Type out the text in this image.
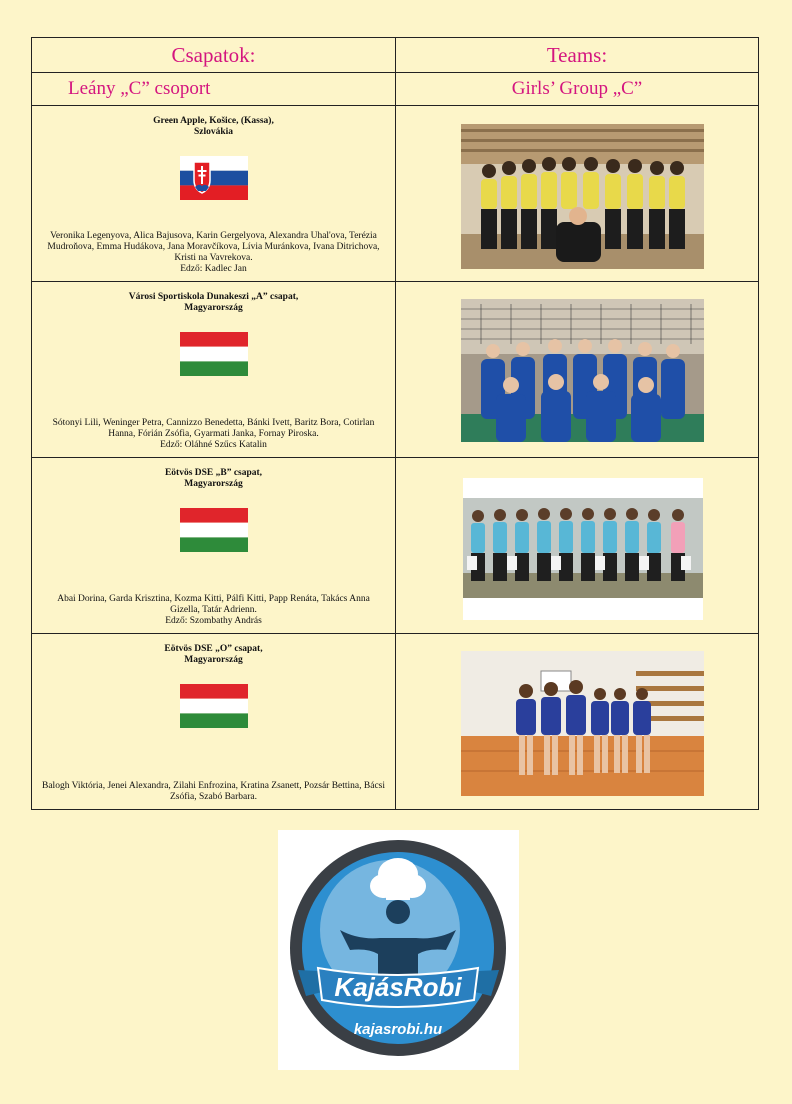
Csapatok:	Teams:

Leány „C” csoport	Girls’ Group „C”

Green Apple, Košice, (Kassa),
Szlovákia
Veronika Legenyova, Alica Bajusova, Karin Gergelyova, Alexandra Uhal'ova, Terézia Mudroňova, Emma Hudákova, Jana Moravčíkova, Lívia Muránkova, Ivana Ditrichova, Kristi na Vavrekova.
Edző: Kadlec Jan

Városi Sportiskola Dunakeszi „A” csapat,
Magyarország
Sótonyi Lili, Weninger Petra, Cannizzo Benedetta, Bánki Ivett, Baritz Bora, Cotirlan Hanna, Fórián Zsófia, Gyarmati Janka, Fornay Piroska.
Edző: Oláhné Szűcs Katalin

Eötvös DSE „B” csapat,
Magyarország
Abai Dorina, Garda Krisztina, Kozma Kitti, Pálfi Kitti, Papp Renáta, Takács Anna Gizella, Tatár Adrienn.
Edző: Szombathy András

Eötvös DSE „O” csapat,
Magyarország
Balogh Viktória, Jenei Alexandra, Zilahi Enfrozina, Kratina Zsanett, Pozsár Bettina, Bácsi Zsófia, Szabó Barbara.

KajásRobi
kajasrobi.hu
